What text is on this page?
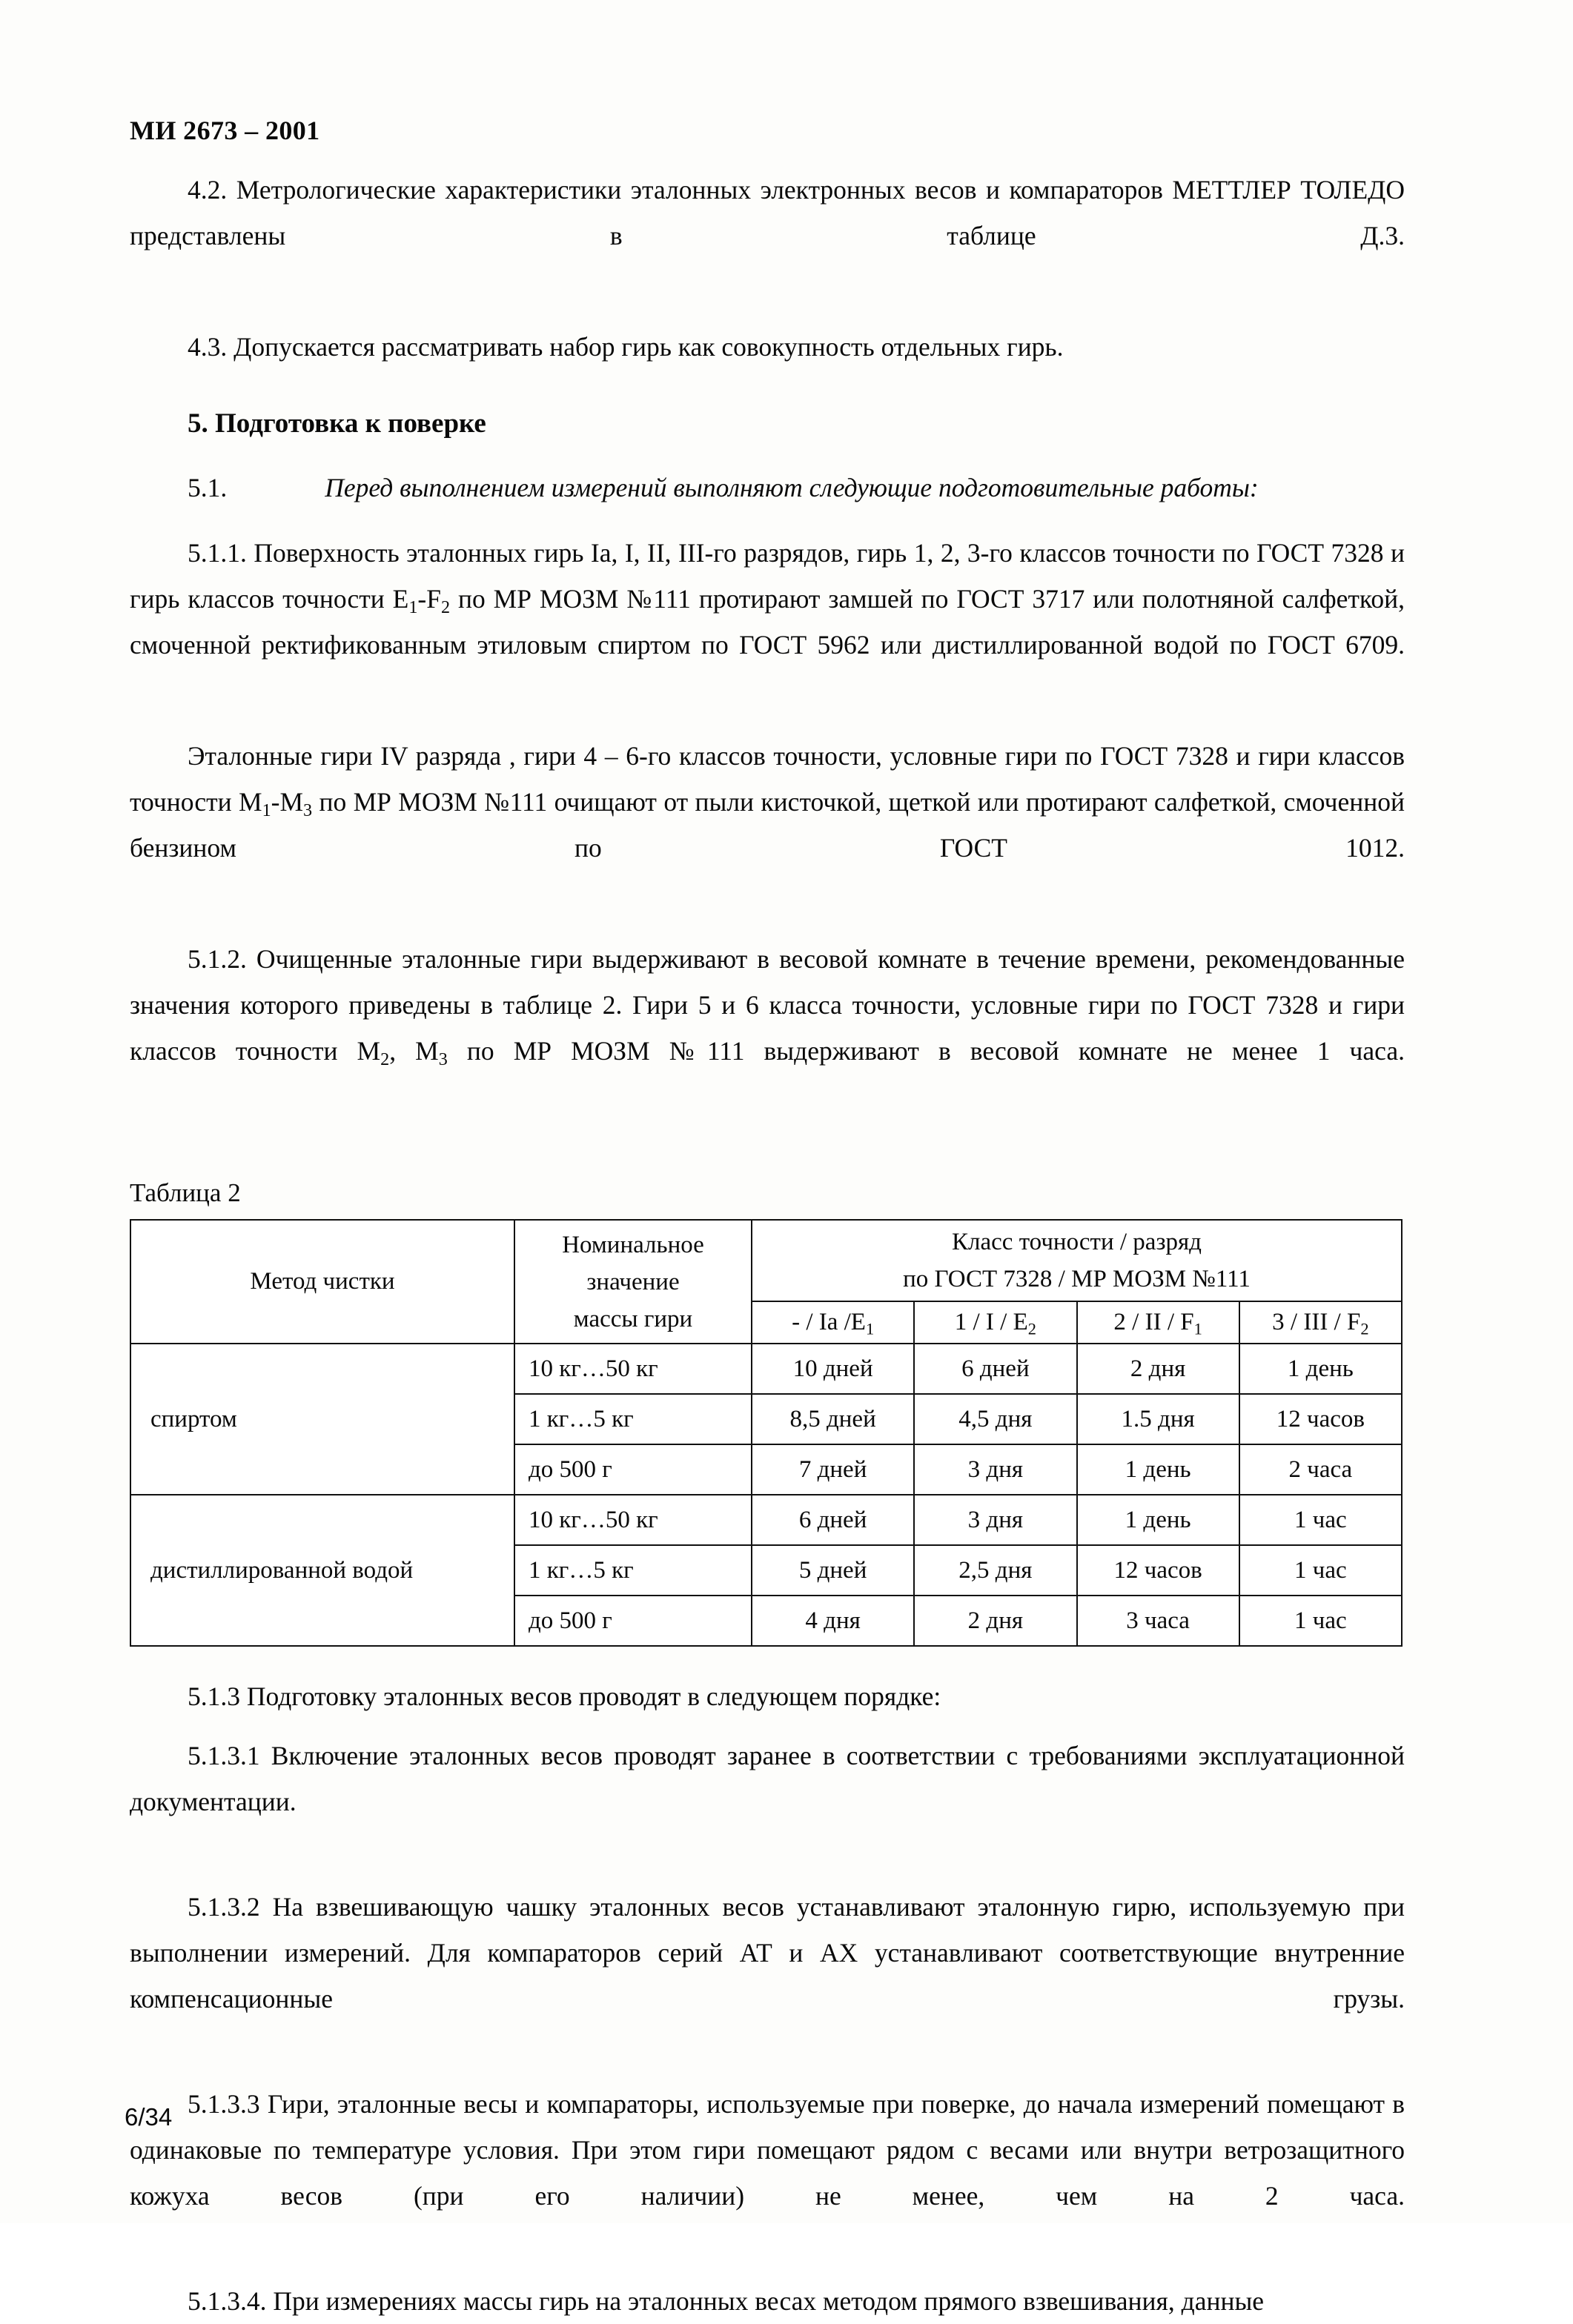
МИ 2673 – 2001

4.2. Метрологические характеристики эталонных электронных весов и компараторов МЕТТЛЕР ТОЛЕДО представлены в таблице Д.3.

4.3. Допускается рассматривать набор гирь как совокупность отдельных гирь.

5. Подготовка к поверке

5.1.	Перед выполнением измерений выполняют следующие подготовительные работы:

5.1.1. Поверхность эталонных гирь Ia, I, II, III-го разрядов, гирь 1, 2, 3-го классов точности по ГОСТ 7328 и гирь классов точности $E_1-F_2$ по МР МОЗМ №111 протирают замшей по ГОСТ 3717 или полотняной салфеткой, смоченной ректификованным этиловым спиртом по ГОСТ 5962 или дистиллированной водой по ГОСТ 6709.

Эталонные гири IV разряда , гири 4 – 6-го классов точности, условные гири по ГОСТ 7328 и гири классов точности $M_1-M_3$ по МР МОЗМ №111 очищают от пыли кисточкой, щеткой или протирают салфеткой, смоченной бензином по ГОСТ 1012.

5.1.2. Очищенные эталонные гири выдерживают в весовой комнате в течение времени, рекомендованные значения которого приведены в таблице 2. Гири 5 и 6 класса точности, условные гири по ГОСТ 7328 и гири классов точности $M_2$, $M_3$ по МР МОЗМ №111 выдерживают в весовой комнате не менее 1 часа.

Таблица 2

Метод чистки	Номинальное
значение
массы гири	Класс точности / разряд
по ГОСТ 7328 / МР МОЗМ №111			
		- / Ia $/E_1$	1 / I / $E_2$	2 / II / $F_1$	3 / III / $F_2$
спиртом	10 кг…50 кг	10 дней	6 дней	2 дня	1 день
	1 кг…5 кг	8,5 дней	4,5 дня	1.5 дня	12 часов
	до 500 г	7 дней	3 дня	1 день	2 часа
дистиллированной водой	10 кг…50 кг	6 дней	3 дня	1 день	1 час
	1 кг…5 кг	5 дней	2,5 дня	12 часов	1 час
	до 500 г	4 дня	2 дня	3 часа	1 час

5.1.3 Подготовку эталонных весов проводят в следующем порядке:

5.1.3.1 Включение эталонных весов проводят заранее в соответствии с требованиями эксплуатационной документации.

5.1.3.2 На взвешивающую чашку эталонных весов устанавливают эталонную гирю, используемую при выполнении измерений. Для компараторов серий АТ и АХ устанавливают соответствующие внутренние компенсационные грузы.

5.1.3.3 Гири, эталонные весы и компараторы, используемые при поверке, до начала измерений помещают в одинаковые по температуре условия. При этом гири помещают рядом с весами или внутри ветрозащитного кожуха весов (при его наличии) не менее, чем на 2 часа.

5.1.3.4. При измерениях массы гирь на эталонных весах методом прямого взвешивания, данные

6/34
